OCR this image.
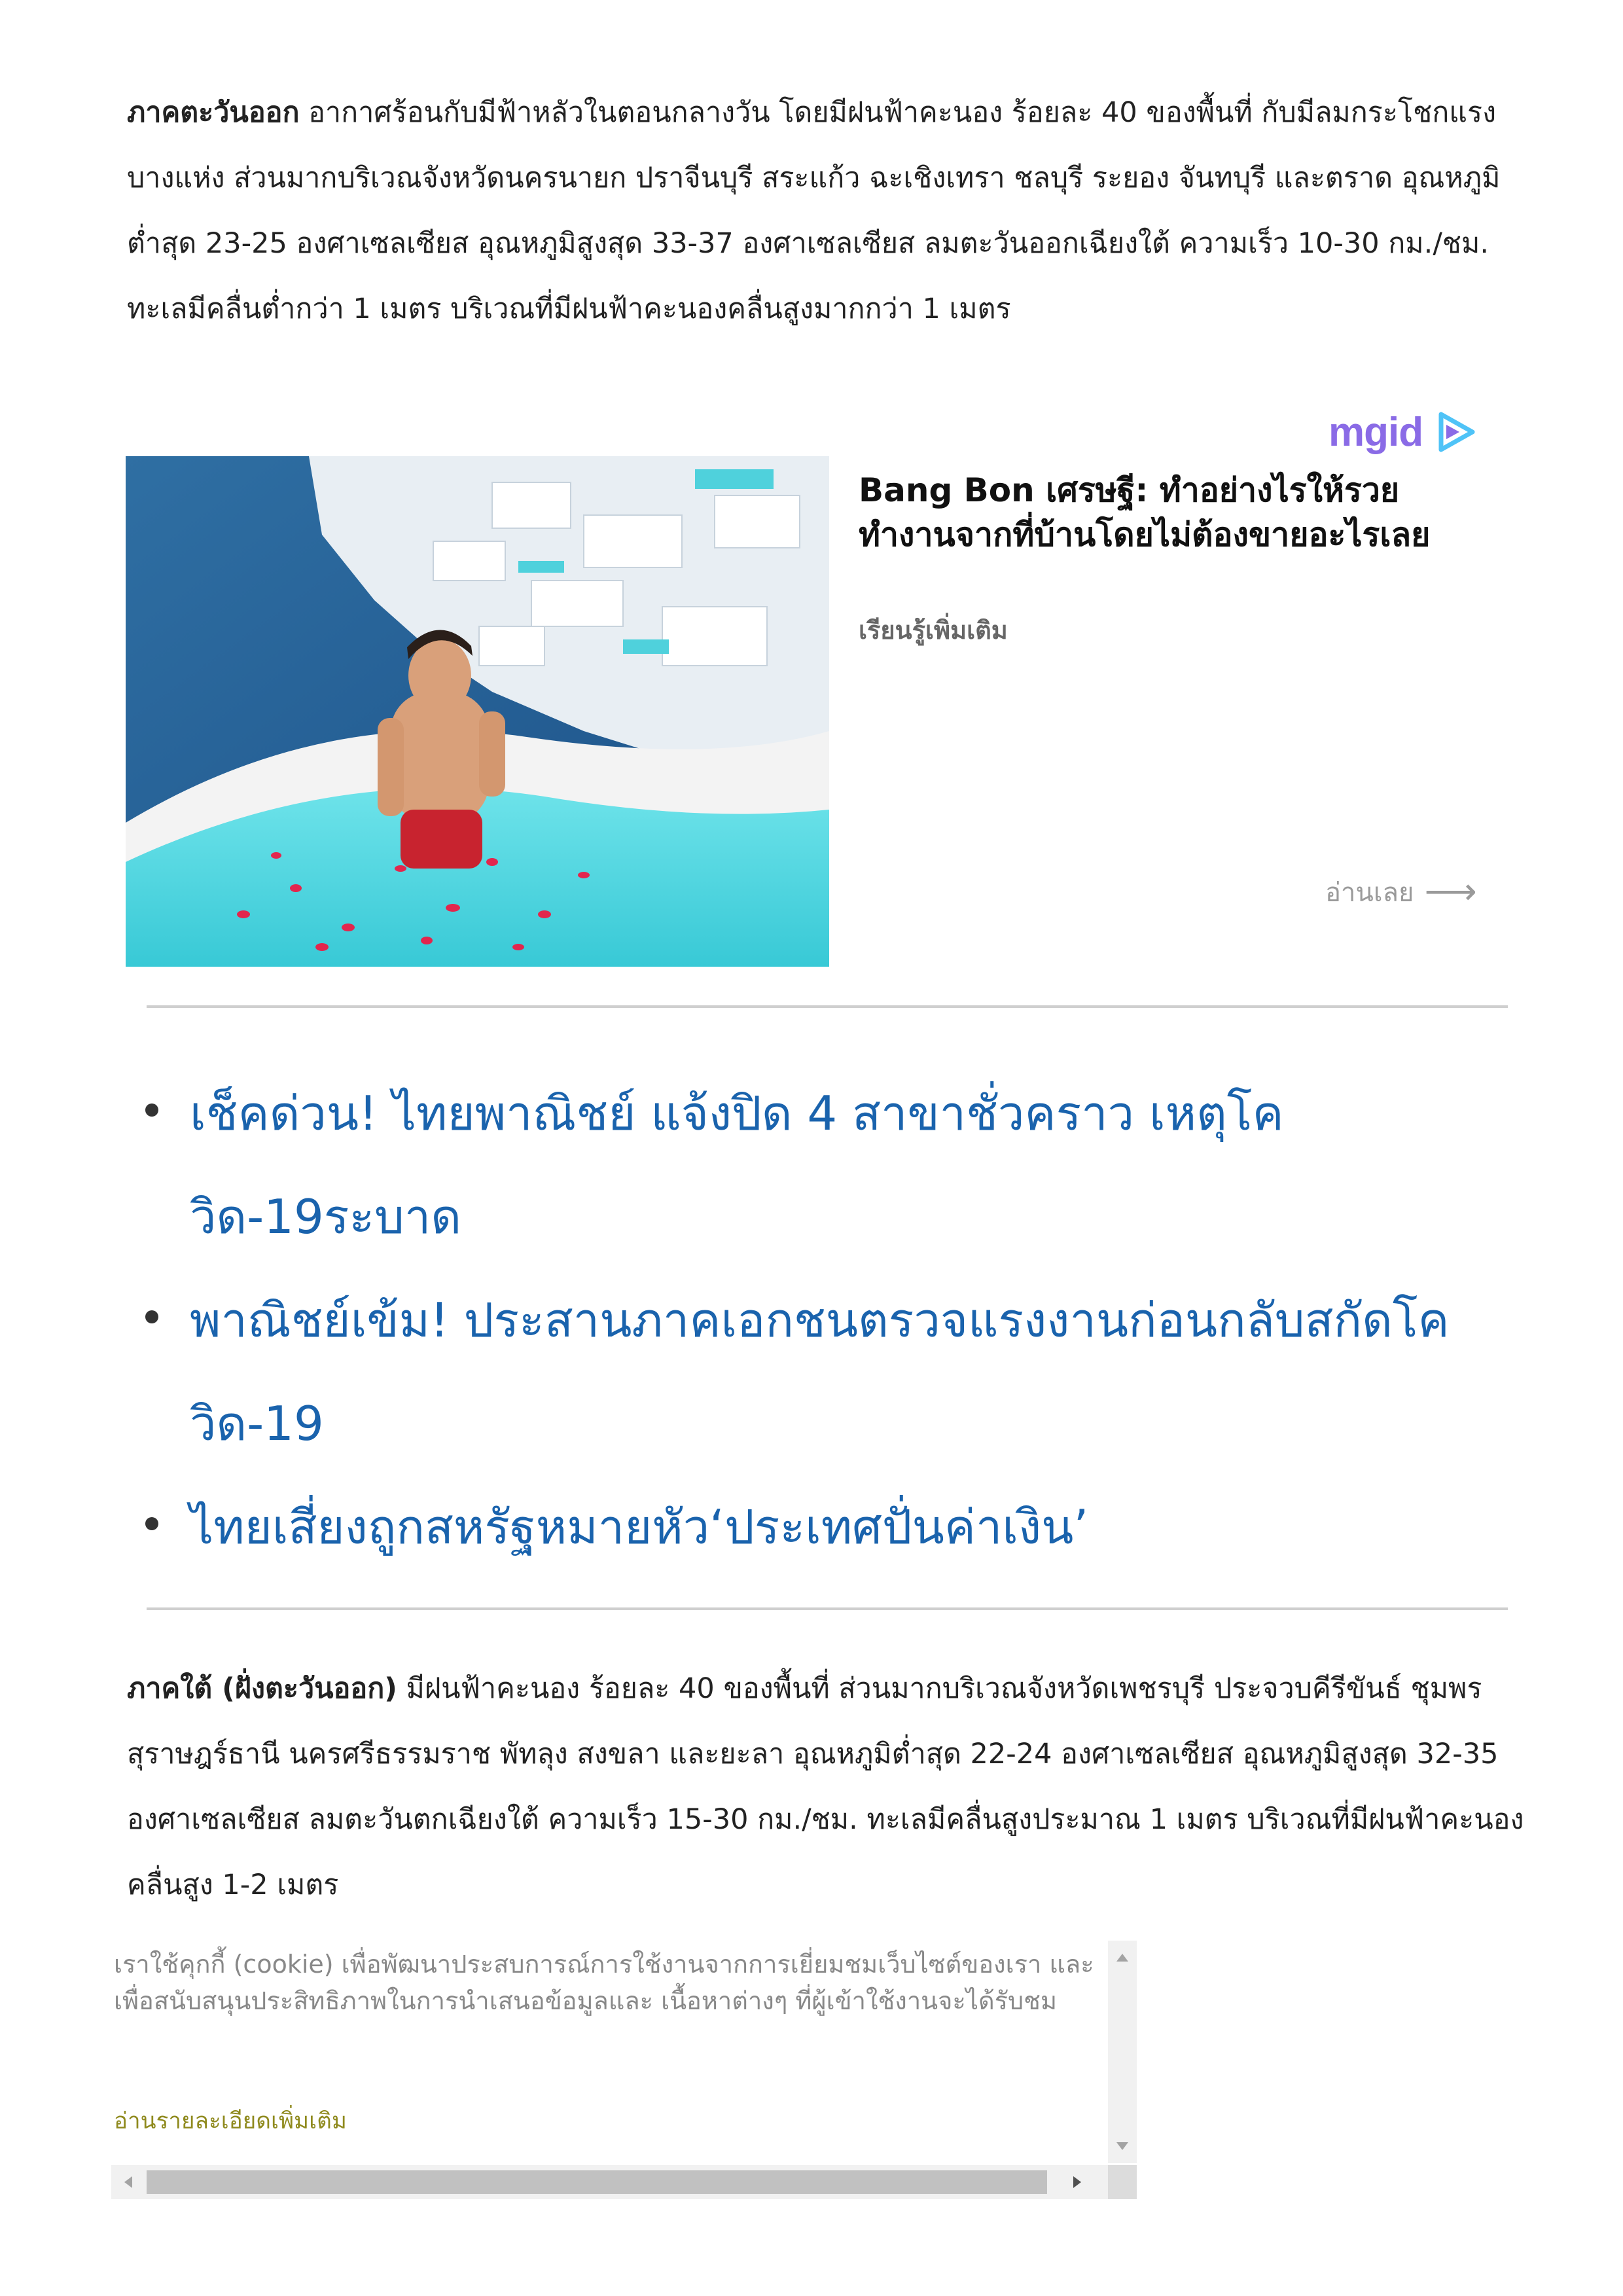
ภาคตะวันออก อากาศร้อนกับมีฟ้าหลัวในตอนกลางวัน โดยมีฝนฟ้าคะนอง ร้อยละ 40 ของพื้นที่ กับมีลมกระโชกแรงบางแห่ง ส่วนมากบริเวณจังหวัดนครนายก ปราจีนบุรี สระแก้ว ฉะเชิงเทรา ชลบุรี ระยอง จันทบุรี และตราด อุณหภูมิต่ำสุด 23-25 องศาเซลเซียส อุณหภูมิสูงสุด 33-37 องศาเซลเซียส ลมตะวันออกเฉียงใต้ ความเร็ว 10-30 กม./ชม. ทะเลมีคลื่นต่ำกว่า 1 เมตร บริเวณที่มีฝนฟ้าคะนองคลื่นสูงมากกว่า 1 เมตร

mgid

Bang Bon เศรษฐี: ทำอย่างไรให้รวย ทำงานจากที่บ้านโดยไม่ต้องขายอะไรเลย

เรียนรู้เพิ่มเติม
อ่านเลย ⟶
เช็คด่วน! ไทยพาณิชย์ แจ้งปิด 4 สาขาชั่วคราว เหตุโควิด-19ระบาด
พาณิชย์เข้ม! ประสานภาคเอกชนตรวจแรงงานก่อนกลับสกัดโควิด-19
ไทยเสี่ยงถูกสหรัฐหมายหัว‘ประเทศปั่นค่าเงิน’

ภาคใต้ (ฝั่งตะวันออก) มีฝนฟ้าคะนอง ร้อยละ 40 ของพื้นที่ ส่วนมากบริเวณจังหวัดเพชรบุรี ประจวบคีรีขันธ์ ชุมพร สุราษฎร์ธานี นครศรีธรรมราช พัทลุง สงขลา และยะลา อุณหภูมิต่ำสุด 22-24 องศาเซลเซียส อุณหภูมิสูงสุด 32-35 องศาเซลเซียส ลมตะวันตกเฉียงใต้ ความเร็ว 15-30 กม./ชม. ทะเลมีคลื่นสูงประมาณ 1 เมตร บริเวณที่มีฝนฟ้าคะนองคลื่นสูง 1-2 เมตร

เราใช้คุกกี้ (cookie) เพื่อพัฒนาประสบการณ์การใช้งานจากการเยี่ยมชมเว็บไซต์ของเรา และเพื่อสนับสนุนประสิทธิภาพในการนำเสนอข้อมูลและ เนื้อหาต่างๆ ที่ผู้เข้าใช้งานจะได้รับชม

อ่านรายละเอียดเพิ่มเติม
